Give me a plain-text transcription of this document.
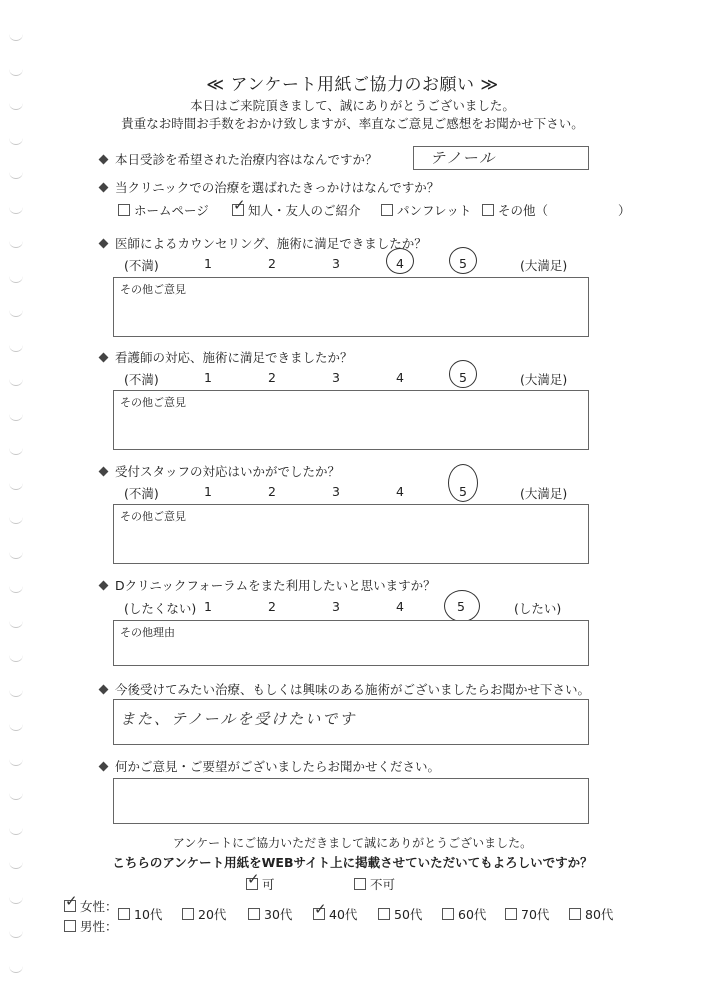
≪ アンケート用紙ご協力のお願い ≫
本日はご来院頂きまして、誠にありがとうございました。
貴重なお時間お手数をおかけ致しますが、率直なご意見ご感想をお聞かせ下さい。
本日受診を希望された治療内容はなんですか？	テノール
当クリニックでの治療を選ばれたきっかけはなんですか？
ホームページ ✓ 知人・友人のご紹介	パンフレット	その他（	）
医師によるカウンセリング、施術に満足できましたか？
(不満)	1	2	3	4	5	(大満足)
その他ご意見
看護師の対応、施術に満足できましたか？
(不満)	1	2	3	4	5	(大満足)
その他ご意見
受付スタッフの対応はいかがでしたか？
(不満)	1	2	3	4	5	(大満足)
その他ご意見
Dクリニックフォーラムをまた利用したいと思いますか？
(したくない) 1	2	3	4	5	(したい)
その他理由
今後受けてみたい治療、もしくは興味のある施術がございましたらお聞かせ下さい。
また、テノールを受けたいです
何かご意見・ご要望がございましたらお聞かせください。
アンケートにご協力いただきまして誠にありがとうございました。
こちらのアンケート用紙をWEBサイト上に掲載させていただいてもよろしいですか？
✓ 可	不可
✓ 女性：
男性：
10代	20代	30代 ✓ 40代	50代	60代	70代	80代
